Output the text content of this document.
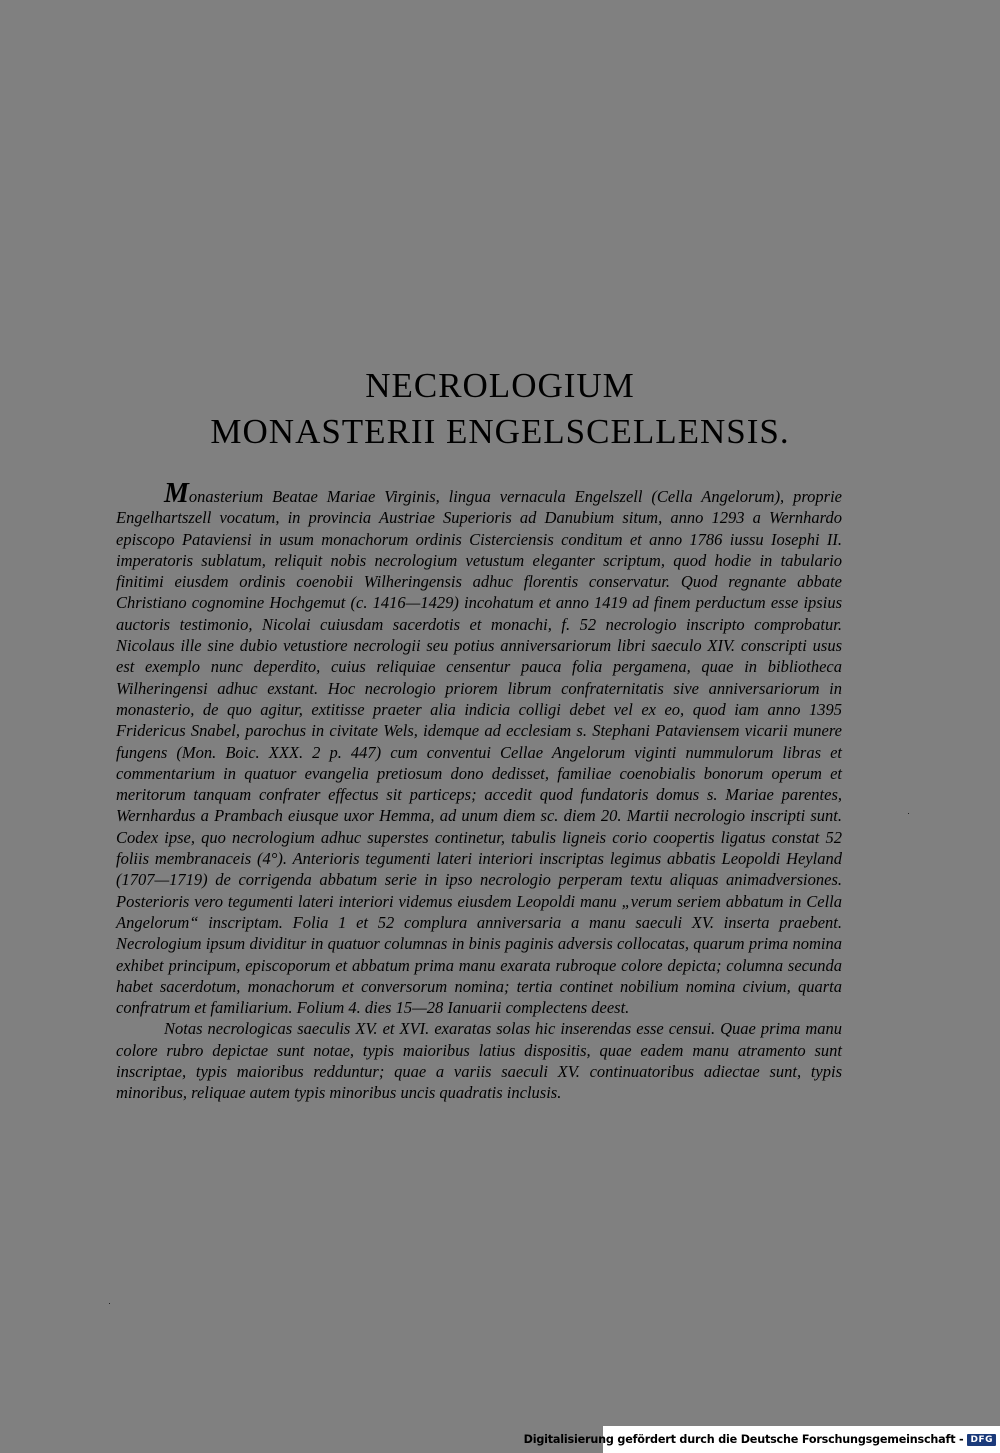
NECROLOGIUM
MONASTERII ENGELSCELLENSIS.

Monasterium Beatae Mariae Virginis, lingua vernacula Engelszell (Cella Angelorum), proprie Engelhartszell vocatum, in provincia Austriae Superioris ad Danubium situm, anno 1293 a Wernhardo episcopo Pataviensi in usum monachorum ordinis Cisterciensis conditum et anno 1786 iussu Iosephi II. imperatoris sublatum, reliquit nobis necrologium vetustum eleganter scriptum, quod hodie in tabulario finitimi eiusdem ordinis coenobii Wilheringensis adhuc florentis conservatur. Quod regnante abbate Christiano cognomine Hochgemut (c. 1416—1429) incohatum et anno 1419 ad finem perductum esse ipsius auctoris testimonio, Nicolai cuiusdam sacerdotis et monachi, f. 52 necrologio inscripto comprobatur. Nicolaus ille sine dubio vetustiore necrologii seu potius anniversariorum libri saeculo XIV. conscripti usus est exemplo nunc deperdito, cuius reliquiae censentur pauca folia pergamena, quae in bibliotheca Wilheringensi adhuc exstant. Hoc necrologio priorem librum confraternitatis sive anniversariorum in monasterio, de quo agitur, extitisse praeter alia indicia colligi debet vel ex eo, quod iam anno 1395 Fridericus Snabel, parochus in civitate Wels, idemque ad ecclesiam s. Stephani Pataviensem vicarii munere fungens (Mon. Boic. XXX. 2 p. 447) cum conventui Cellae Angelorum viginti nummulorum libras et commentarium in quatuor evangelia pretiosum dono dedisset, familiae coenobialis bonorum operum et meritorum tanquam confrater effectus sit particeps; accedit quod fundatoris domus s. Mariae parentes, Wernhardus a Prambach eiusque uxor Hemma, ad unum diem sc. diem 20. Martii necrologio inscripti sunt. Codex ipse, quo necrologium adhuc superstes continetur, tabulis ligneis corio coopertis ligatus constat 52 foliis membranaceis (4°). Anterioris tegumenti lateri interiori inscriptas legimus abbatis Leopoldi Heyland (1707—1719) de corrigenda abbatum serie in ipso necrologio perperam textu aliquas animadversiones. Posterioris vero tegumenti lateri interiori videmus eiusdem Leopoldi manu „verum seriem abbatum in Cella Angelorum“ inscriptam. Folia 1 et 52 complura anniversaria a manu saeculi XV. inserta praebent. Necrologium ipsum dividitur in quatuor columnas in binis paginis adversis collocatas, quarum prima nomina exhibet principum, episcoporum et abbatum prima manu exarata rubroque colore depicta; columna secunda habet sacerdotum, monachorum et conversorum nomina; tertia continet nobilium nomina civium, quarta confratrum et familiarium. Folium 4. dies 15—28 Ianuarii complectens deest.

Notas necrologicas saeculis XV. et XVI. exaratas solas hic inserendas esse censui. Quae prima manu colore rubro depictae sunt notae, typis maioribus latius dispositis, quae eadem manu atramento sunt inscriptae, typis maioribus redduntur; quae a variis saeculi XV. continuatoribus adiectae sunt, typis minoribus, reliquae autem typis minoribus uncis quadratis inclusis.

Digitalisierung gefördert durch die Deutsche Forschungsgemeinschaft - DFG
